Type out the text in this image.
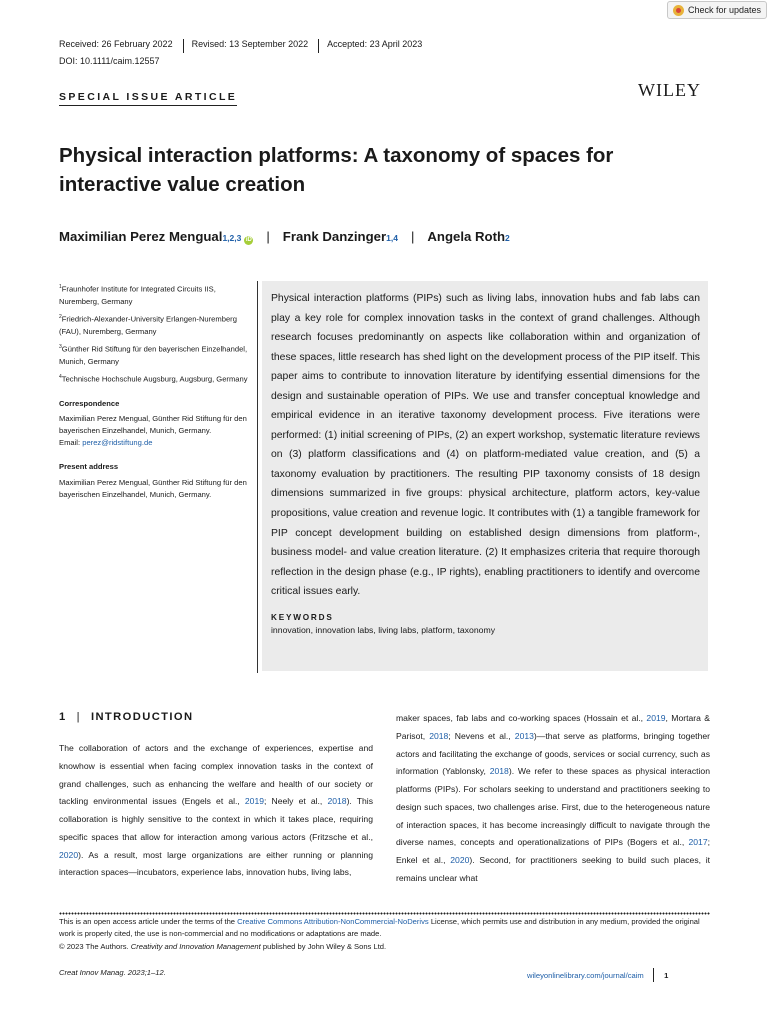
Check for updates
Received: 26 February 2022	Revised: 13 September 2022	Accepted: 23 April 2023
DOI: 10.1111/caim.12557
SPECIAL ISSUE ARTICLE	WILEY
Physical interaction platforms: A taxonomy of spaces for interactive value creation
Maximilian Perez Mengual 1,2,3 iD | Frank Danzinger 1,4 | Angela Roth 2

$^1$Fraunhofer Institute for Integrated Circuits IIS, Nuremberg, Germany

$^2$Friedrich-Alexander-University Erlangen-Nuremberg (FAU), Nuremberg, Germany

$^3$Günther Rid Stiftung für den bayerischen Einzelhandel, Munich, Germany

$^4$Technische Hochschule Augsburg, Augsburg, Germany

Correspondence

Maximilian Perez Mengual, Günther Rid Stiftung für den bayerischen Einzelhandel, Munich, Germany.
Email: perez@ridstiftung.de

Present address

Maximilian Perez Mengual, Günther Rid Stiftung für den bayerischen Einzelhandel, Munich, Germany.

Physical interaction platforms (PIPs) such as living labs, innovation hubs and fab labs can play a key role for complex innovation tasks in the context of grand challenges. Although research focuses predominantly on aspects like collaboration within and organization of these spaces, little research has shed light on the development process of the PIP itself. This paper aims to contribute to innovation literature by identifying essential dimensions for the design and sustainable operation of PIPs. We use and transfer conceptual knowledge and empirical evidence in an iterative taxonomy development process. Five iterations were performed: (1) initial screening of PIPs, (2) an expert workshop, systematic literature reviews on (3) platform classifications and (4) on platform-mediated value creation, and (5) a taxonomy evaluation by practitioners. The resulting PIP taxonomy consists of 18 design dimensions summarized in five groups: physical architecture, platform actors, key-value propositions, value creation and revenue logic. It contributes with (1) a tangible framework for PIP concept development building on established design dimensions from platform-, business model- and value creation literature. (2) It emphasizes criteria that require thorough reflection in the design phase (e.g., IP rights), enabling practitioners to identify and overcome critical issues early.
KEYWORDS
innovation, innovation labs, living labs, platform, taxonomy
1 | INTRODUCTION
The collaboration of actors and the exchange of experiences, expertise and knowhow is essential when facing complex innovation tasks in the context of grand challenges, such as enhancing the welfare and health of our society or tackling environmental issues (Engels et al., 2019; Neely et al., 2018). This collaboration is highly sensitive to the context in which it takes place, requiring specific spaces that allow for interaction among various actors (Fritzsche et al., 2020). As a result, most large organizations are either running or planning interaction spaces—incubators, experience labs, innovation hubs, living labs,
maker spaces, fab labs and co-working spaces (Hossain et al., 2019, Mortara & Parisot, 2018; Nevens et al., 2013)—that serve as platforms, bringing together actors and facilitating the exchange of goods, services or social currency, such as information (Yablonsky, 2018). We refer to these spaces as physical interaction platforms (PIPs). For scholars seeking to understand and practitioners seeking to design such spaces, two challenges arise. First, due to the heterogeneous nature of interaction spaces, it has become increasingly difficult to navigate through the diverse names, concepts and operationalizations of PIPs (Bogers et al., 2017; Enkel et al., 2020). Second, for practitioners seeking to build such places, it remains unclear what
This is an open access article under the terms of the Creative Commons Attribution-NonCommercial-NoDerivs License, which permits use and distribution in any medium, provided the original work is properly cited, the use is non-commercial and no modifications or adaptations are made.
© 2023 The Authors. Creativity and Innovation Management published by John Wiley & Sons Ltd.
Creat Innov Manag. 2023;1–12.	wileyonlinelibrary.com/journal/caim	1
